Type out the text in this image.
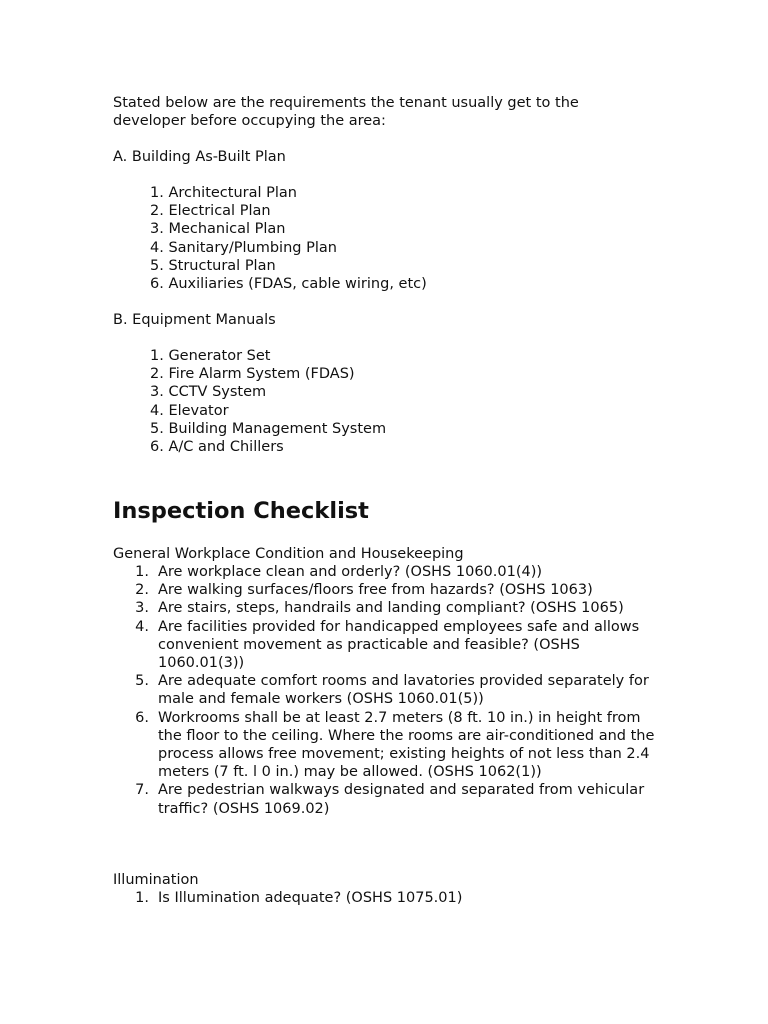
Stated below are the requirements the tenant usually get to the developer before occupying the area:

A. Building As-Built Plan

1. Architectural Plan
2. Electrical Plan
3. Mechanical Plan
4. Sanitary/Plumbing Plan
5. Structural Plan
6. Auxiliaries (FDAS, cable wiring, etc)

B. Equipment Manuals

1. Generator Set
2. Fire Alarm System (FDAS)
3. CCTV System
4. Elevator
5. Building Management System
6. A/C and Chillers
Inspection Checklist

General Workplace Condition and Housekeeping

1. Are workplace clean and orderly? (OSHS 1060.01(4))
2. Are walking surfaces/floors free from hazards? (OSHS 1063)
3. Are stairs, steps, handrails and landing compliant? (OSHS 1065)
4. Are facilities provided for handicapped employees safe and allows convenient movement as practicable and feasible? (OSHS 1060.01(3))
5. Are adequate comfort rooms and lavatories provided separately for male and female workers (OSHS 1060.01(5))
6. Workrooms shall be at least 2.7 meters (8 ft. 10 in.) in height from the floor to the ceiling. Where the rooms are air-conditioned and the process allows free movement; existing heights of not less than 2.4 meters (7 ft. l 0 in.) may be allowed. (OSHS 1062(1))
7. Are pedestrian walkways designated and separated from vehicular traffic? (OSHS 1069.02)

Illumination

1. Is Illumination adequate? (OSHS 1075.01)
